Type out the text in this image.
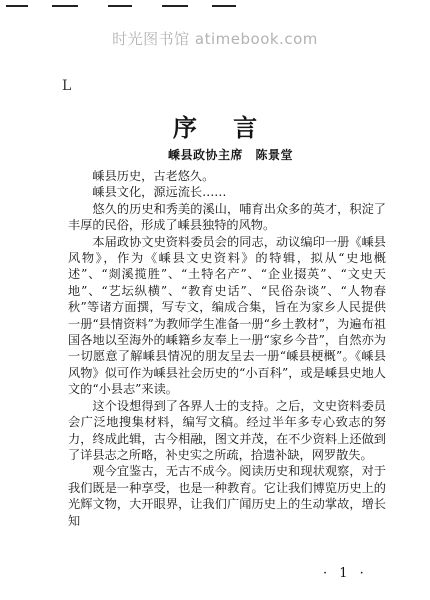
时光图书馆 atimebook.com
L
序 言
嵊县政协主席　陈景堂

嵊县历史，古老悠久。

嵊县文化，源远流长……

悠久的历史和秀美的溪山，哺育出众多的英才，积淀了丰厚的民俗，形成了嵊县独特的风物。

本届政协文史资料委员会的同志，动议编印一册《嵊县风物》，作为《嵊县文史资料》的特辑，拟从“史地概述”、“剡溪揽胜”、“土特名产”、“企业掇英”、“文史天地”、“艺坛纵横”、“教育史话”、“民俗杂谈”、“人物春秋”等诸方面撰，写专文，编成合集，旨在为家乡人民提供一册“县情资料”为教师学生准备一册“乡土教材”，为遍布祖国各地以至海外的嵊籍乡友奉上一册“家乡今昔”，自然亦为一切愿意了解嵊县情况的朋友呈去一册“嵊县梗概”。《嵊县风物》似可作为嵊县社会历史的“小百科”，或是嵊县史地人文的“小县志”来读。

这个设想得到了各界人士的支持。之后，文史资料委员会广泛地搜集材料，编写文稿。经过半年多专心致志的努力，终成此辑，古今相融，图文并茂，在不少资料上还做到了详县志之所略，补史实之所疏，拾遗补缺，网罗散失。

观今宜鉴古，无古不成今。阅读历史和现状观察，对于我们既是一种享受，也是一种教育。它让我们博览历史上的光辉文物，大开眼界，让我们广闻历史上的生动掌故，增长知

· 1 ·
